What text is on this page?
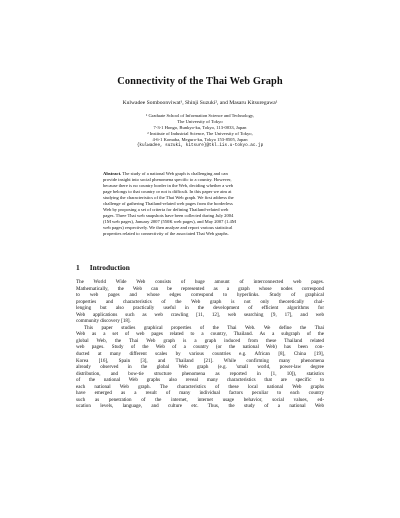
Connectivity of the Thai Web Graph
Kulwadee Somboonviwat¹, Shinji Suzuki², and Masaru Kitsuregawa¹
¹ Graduate School of Information Science and Technology,
The University of Tokyo
7-3-1 Hongo, Bunkyo-ku, Tokyo, 113-0033, Japan
² Institute of Industrial Science, The University of Tokyo,
4-6-1 Komaba, Meguro-ku, Tokyo 153-8505, Japan
{kulwadee, suzuki, kitsure}@tkl.iis.u-tokyo.ac.jp
Abstract. The study of a national Web graph is challenging and can
provide insight into social phenomena specific to a country. However,
because there is no country border in the Web, deciding whether a web
page belongs to that country or not is difficult. In this paper we aim at
studying the characteristics of the Thai Web graph. We first address the
challenge of gathering Thailand-related web pages from the borderless
Web by proposing a set of criteria for defining Thailand-related web
pages. Three Thai web snapshots have been collected during July 2004
(1M web pages), January 2007 (550K web pages), and May 2007 (1.4M
web pages) respectively. We then analyze and report various statistical
properties related to connectivity of the associated Thai Web graphs.
1 Introduction
The World Wide Web consists of huge amount of interconnected web pages.
Mathematically, the Web can be represented as a graph whose nodes correspond
to web pages and whose edges correspond to hyperlinks. Study of graphical
properties and characteristics of the Web graph is not only theoretically chal-
lenging but also practically useful in the development of efficient algorithms for
Web applications such as web crawling [11, 12], web searching [9, 17], and web
community discovery [18].
This paper studies graphical properties of the Thai Web. We define the Thai
Web as a set of web pages related to a country, Thailand. As a subgraph of the
global Web, the Thai Web graph is a graph induced from these Thailand related
web pages. Study of the Web of a country (or the national Web) has been con-
ducted at many different scales by various countries e.g. African [8], China [19],
Korea [16], Spain [3], and Thailand [21]. While confirming many phenomena
already observed in the global Web graph (e.g. 'small world, power-law degree
distribution, and bow-tie structure phenomena as reported in [1, 10]), statistics
of the national Web graphs also reveal many characteristics that are specific to
each national Web graph. The characteristics of these local national Web graphs
have emerged as a result of many individual factors peculiar to each country
such as penetration of the internet, internet usage behavior, social values, ed-
ucation levels, language, and culture etc. Thus, the study of a national Web
